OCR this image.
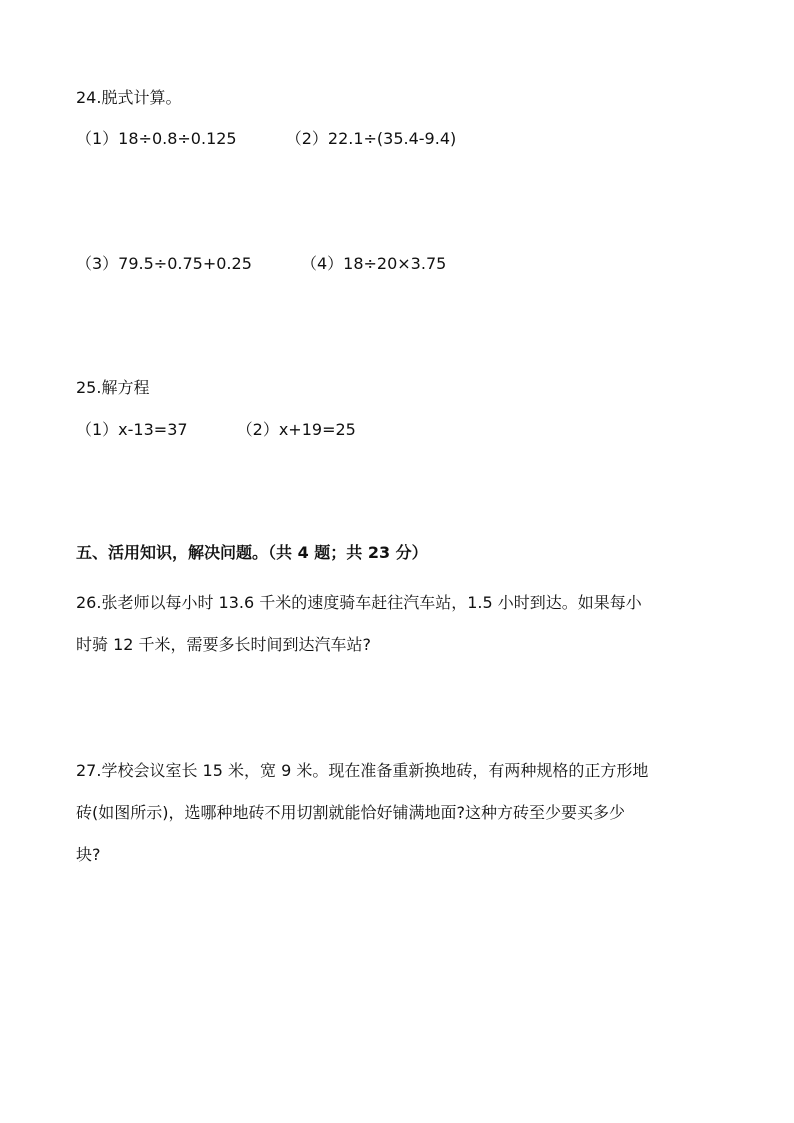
24.脱式计算。
（1）18÷0.8÷0.125	（2）22.1÷(35.4-9.4)
（3）79.5÷0.75+0.25	（4）18÷20×3.75
25.解方程
（1）x-13=37	（2）x+19=25
五、活用知识，解决问题。（共 4 题；共 23 分）
26.张老师以每小时 13.6 千米的速度骑车赶往汽车站，1.5 小时到达。如果每小
时骑 12 千米，需要多长时间到达汽车站?
27.学校会议室长 15 米，宽 9 米。现在准备重新换地砖，有两种规格的正方形地
砖(如图所示)，选哪种地砖不用切割就能恰好铺满地面?这种方砖至少要买多少
块?
